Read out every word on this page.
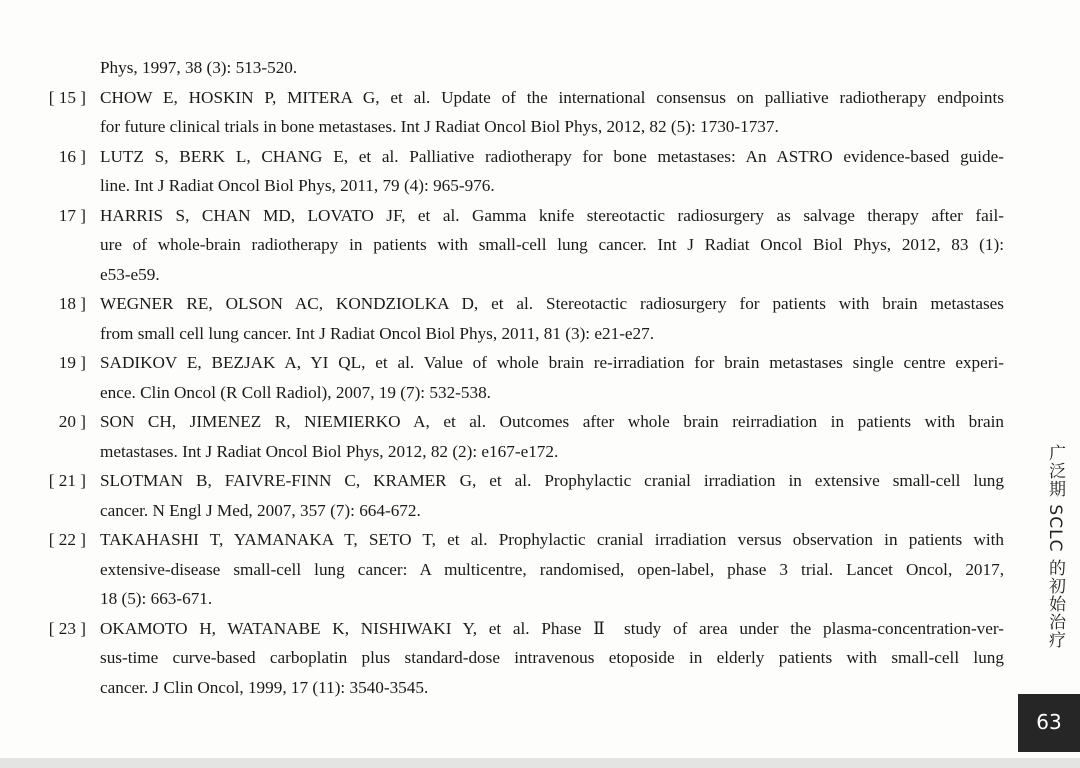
Phys, 1997, 38 (3): 513-520.
[ 15 ] CHOW E, HOSKIN P, MITERA G, et al. Update of the international consensus on palliative radiotherapy endpoints
for future clinical trials in bone metastases. Int J Radiat Oncol Biol Phys, 2012, 82 (5): 1730-1737.
16 ] LUTZ S, BERK L, CHANG E, et al. Palliative radiotherapy for bone metastases: An ASTRO evidence-based guide-
line. Int J Radiat Oncol Biol Phys, 2011, 79 (4): 965-976.
17 ] HARRIS S, CHAN MD, LOVATO JF, et al. Gamma knife stereotactic radiosurgery as salvage therapy after fail-
ure of whole-brain radiotherapy in patients with small-cell lung cancer. Int J Radiat Oncol Biol Phys, 2012, 83 (1):
e53-e59.
18 ] WEGNER RE, OLSON AC, KONDZIOLKA D, et al. Stereotactic radiosurgery for patients with brain metastases
from small cell lung cancer. Int J Radiat Oncol Biol Phys, 2011, 81 (3): e21-e27.
19 ] SADIKOV E, BEZJAK A, YI QL, et al. Value of whole brain re-irradiation for brain metastases single centre experi-
ence. Clin Oncol (R Coll Radiol), 2007, 19 (7): 532-538.
20 ] SON CH, JIMENEZ R, NIEMIERKO A, et al. Outcomes after whole brain reirradiation in patients with brain
metastases. Int J Radiat Oncol Biol Phys, 2012, 82 (2): e167-e172.
[ 21 ] SLOTMAN B, FAIVRE-FINN C, KRAMER G, et al. Prophylactic cranial irradiation in extensive small-cell lung
cancer. N Engl J Med, 2007, 357 (7): 664-672.
[ 22 ] TAKAHASHI T, YAMANAKA T, SETO T, et al. Prophylactic cranial irradiation versus observation in patients with
extensive-disease small-cell lung cancer: A multicentre, randomised, open-label, phase 3 trial. Lancet Oncol, 2017,
18 (5): 663-671.
[ 23 ] OKAMOTO H, WATANABE K, NISHIWAKI Y, et al. Phase Ⅱ study of area under the plasma-concentration-ver-
sus-time curve-based carboplatin plus standard-dose intravenous etoposide in elderly patients with small-cell lung
cancer. J Clin Oncol, 1999, 17 (11): 3540-3545.
广泛期 SCLC 的初始治疗
63
